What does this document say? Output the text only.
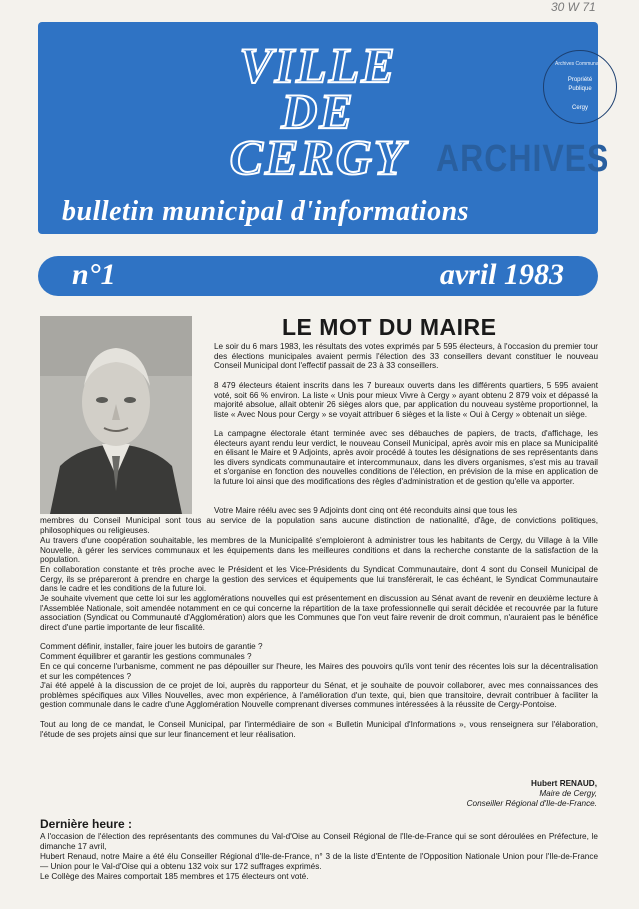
30 W 71
VILLE
DE
CERGY
Archives Communales
Propriété
Publique
Cergy
ARCHIVES
bulletin municipal d'informations
n°1	avril 1983
LE MOT DU MAIRE

Le soir du 6 mars 1983, les résultats des votes exprimés par 5 595 électeurs, à l'occasion du premier tour des élections municipales avaient permis l'élection des 33 conseillers devant constituer le nouveau Conseil Municipal dont l'effectif passait de 23 à 33 conseillers.

8 479 électeurs étaient inscrits dans les 7 bureaux ouverts dans les différents quartiers, 5 595 avaient voté, soit 66 % environ. La liste « Unis pour mieux Vivre à Cergy » ayant obtenu 2 879 voix et dépassé la majorité absolue, allait obtenir 26 sièges alors que, par application du nouveau système proportionnel, la liste « Avec Nous pour Cergy » se voyait attribuer 6 sièges et la liste « Oui à Cergy » obtenait un siège.

La campagne électorale étant terminée avec ses débauches de papiers, de tracts, d'affichage, les électeurs ayant rendu leur verdict, le nouveau Conseil Municipal, après avoir mis en place sa Municipalité en élisant le Maire et 9 Adjoints, après avoir procédé à toutes les désignations de ses représentants dans les divers syndicats communautaire et intercommunaux, dans les divers organismes, s'est mis au travail et s'organise en fonction des nouvelles conditions de l'élection, en prévision de la mise en application de la future loi ainsi que des modifications des règles d'administration et de gestion qu'elle va apporter.

Votre Maire réélu avec ses 9 Adjoints dont cinq ont été reconduits ainsi que tous les

membres du Conseil Municipal sont tous au service de la population sans aucune distinction de nationalité, d'âge, de convictions politiques, philosophiques ou religieuses.

Au travers d'une coopération souhaitable, les membres de la Municipalité s'emploieront à administrer tous les habitants de Cergy, du Village à la Ville Nouvelle, à gérer les services communaux et les équipements dans les meilleures conditions et dans la recherche constante de la satisfaction de la population.

En collaboration constante et très proche avec le Président et les Vice-Présidents du Syndicat Communautaire, dont 4 sont du Conseil Municipal de Cergy, ils se prépareront à prendre en charge la gestion des services et équipements que lui transférerait, le cas échéant, le Syndicat Communautaire dans le cadre et les conditions de la future loi.

Je souhaite vivement que cette loi sur les agglomérations nouvelles qui est présentement en discussion au Sénat avant de revenir en deuxième lecture à l'Assemblée Nationale, soit amendée notamment en ce qui concerne la répartition de la taxe professionnelle qui serait décidée et recouvrée par la future association (Syndicat ou Communauté d'Agglomération) alors que les Communes que l'on veut faire revenir de droit commun, n'auraient pas le bénéfice direct d'une partie importante de leur fiscalité.

Comment définir, installer, faire jouer les butoirs de garantie ?

Comment équilibrer et garantir les gestions communales ?

En ce qui concerne l'urbanisme, comment ne pas dépouiller sur l'heure, les Maires des pouvoirs qu'ils vont tenir des récentes lois sur la décentralisation et sur les compétences ?

J'ai été appelé à la discussion de ce projet de loi, auprès du rapporteur du Sénat, et je souhaite de pouvoir collaborer, avec mes connaissances des problèmes spécifiques aux Villes Nouvelles, avec mon expérience, à l'amélioration d'un texte, qui, bien que transitoire, devrait contribuer à faciliter la gestion communale dans le cadre d'une Agglomération Nouvelle comprenant diverses communes intéressées à la réussite de Cergy-Pontoise.

Tout au long de ce mandat, le Conseil Municipal, par l'intermédiaire de son « Bulletin Municipal d'Informations », vous renseignera sur l'élaboration, l'étude de ses projets ainsi que sur leur financement et leur réalisation.

Hubert RENAUD,
Maire de Cergy,
Conseiller Régional d'Ile-de-France.
Dernière heure :

A l'occasion de l'élection des représentants des communes du Val-d'Oise au Conseil Régional de l'Ile-de-France qui se sont déroulées en Préfecture, le dimanche 17 avril,

Hubert Renaud, notre Maire a été élu Conseiller Régional d'Ile-de-France, n° 3 de la liste d'Entente de l'Opposition Nationale Union pour l'Ile-de-France — Union pour le Val-d'Oise qui a obtenu 132 voix sur 172 suffrages exprimés.

Le Collège des Maires comportait 185 membres et 175 électeurs ont voté.
